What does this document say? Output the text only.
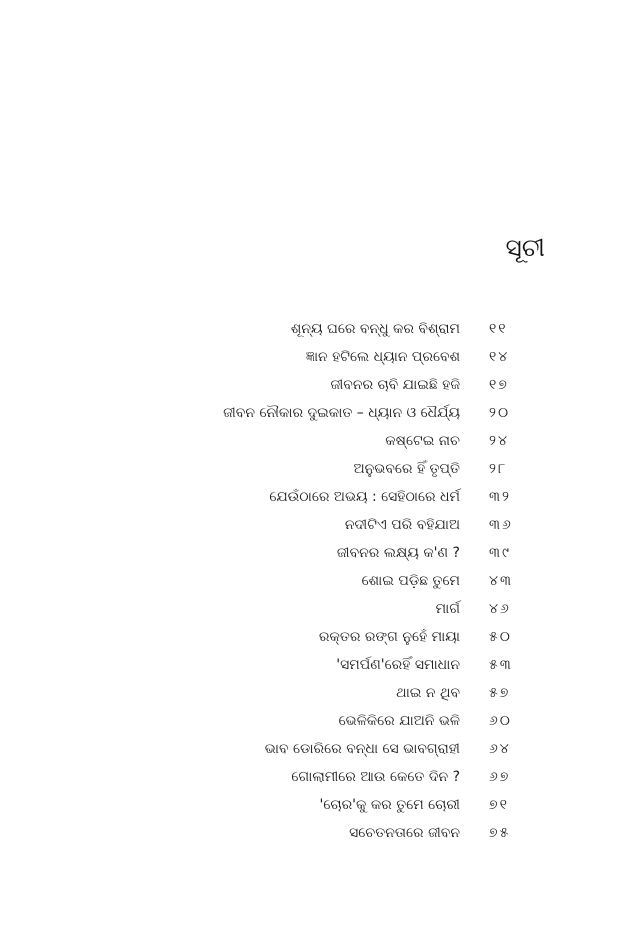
ସୂଚୀ
ଶୂନ୍ୟ ଘରେ ବନ୍ଧୁ କର ବିଶ୍ରାମ ୧୧
ଜ୍ଞାନ ହଟିଲେ ଧ୍ୟାନ ପ୍ରବେଶ ୧୪
ଜୀବନର ଚାବି ଯାଇଛି ହଜି ୧୭
ଜୀବନ ନୌକାର ଦୁଇକାତ – ଧ୍ୟାନ ଓ ଧୈର୍ଯ୍ୟ ୨୦
କଷ୍ଟେଇ ନାଚ ୨୪
ଅନୁଭବରେ ହିଁ ତୃପ୍ତି ୨୮
ଯେଉଁଠାରେ ଅଭୟ : ସେହିଠାରେ ଧର୍ମ ୩୨
ନଦୀଟିଏ ପରି ବହିଯାଅ ୩୬
ଜୀବନର ଲକ୍ଷ୍ୟ କ'ଣ ? ୩୯
ଶୋଇ ପଡ଼ିଛ ତୁମେ ୪୩
ମାର୍ଗ ୪୬
ରକ୍ତର ରଙ୍ଗ ନୁହେଁ ମାୟା ୫୦
'ସମର୍ପଣ'ରେହିଁ ସମାଧାନ ୫୩
ଥାଇ ନ ଥିବ ୫୭
ଭେଳିକିରେ ଯାଅନି ଭଳି ୬୦
ଭାବ ଡୋରିରେ ବନ୍ଧା ସେ ଭାବଗ୍ରାହୀ ୬୪
ଗୋଲାମୀରେ ଆଉ କେତେ ଦିନ ? ୬୭
'ଚୋର'କୁ କର ତୁମେ ଚୋରୀ ୭୧
ସଚେତନତାରେ ଜୀବନ ୭୫
